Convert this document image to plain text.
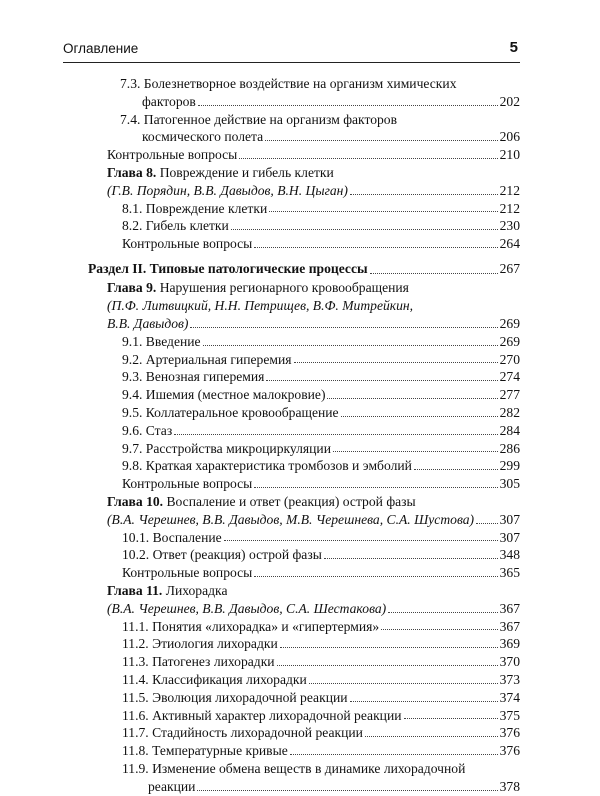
Оглавление	5
7.3. Болезнетворное воздействие на организм химических
факторов	202
7.4. Патогенное действие на организм факторов
космического полета	206
Контрольные вопросы	210
Глава 8. Повреждение и гибель клетки
(Г.В. Порядин, В.В. Давыдов, В.Н. Цыган)	212
8.1. Повреждение клетки	212
8.2. Гибель клетки	230
Контрольные вопросы	264
Раздел II. Типовые патологические процессы	267
Глава 9. Нарушения регионарного кровообращения
(П.Ф. Литвицкий, Н.Н. Петрищев, В.Ф. Митрейкин,
В.В. Давыдов)	269
9.1. Введение	269
9.2. Артериальная гиперемия	270
9.3. Венозная гиперемия	274
9.4. Ишемия (местное малокровие)	277
9.5. Коллатеральное кровообращение	282
9.6. Стаз	284
9.7. Расстройства микроциркуляции	286
9.8. Краткая характеристика тромбозов и эмболий	299
Контрольные вопросы	305
Глава 10. Воспаление и ответ (реакция) острой фазы
(В.А. Черешнев, В.В. Давыдов, М.В. Черешнева, С.А. Шустова) 307
10.1. Воспаление	307
10.2. Ответ (реакция) острой фазы	348
Контрольные вопросы	365
Глава 11. Лихорадка
(В.А. Черешнев, В.В. Давыдов, С.А. Шестакова)	367
11.1. Понятия «лихорадка» и «гипертермия»	367
11.2. Этиология лихорадки	369
11.3. Патогенез лихорадки	370
11.4. Классификация лихорадки	373
11.5. Эволюция лихорадочной реакции	374
11.6. Активный характер лихорадочной реакции	375
11.7. Стадийность лихорадочной реакции	376
11.8. Температурные кривые	376
11.9. Изменение обмена веществ в динамике лихорадочной
реакции	378
